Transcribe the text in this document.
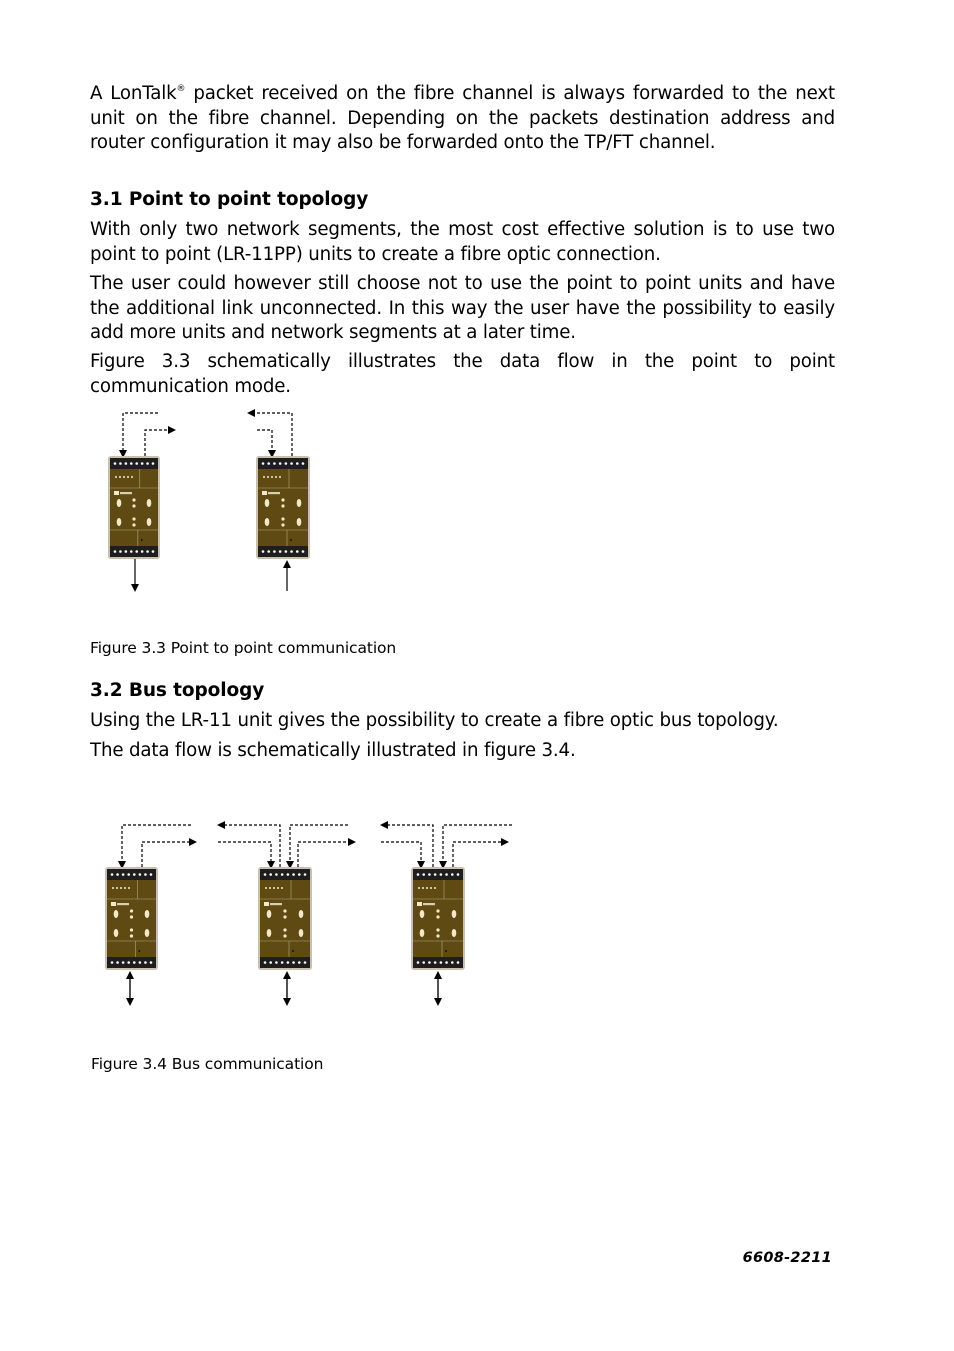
A LonTalk® packet received on the fibre channel is always forwarded to the next unit on the fibre channel. Depending on the packets destination address and router configuration it may also be forwarded onto the TP/FT channel.

3.1 Point to point topology

With only two network segments, the most cost effective solution is to use two point to point (LR-11PP) units to create a fibre optic connection.

The user could however still choose not to use the point to point units and have the additional link unconnected. In this way the user have the possibility to easily add more units and network segments at a later time.

Figure 3.3 schematically illustrates the data flow in the point to point communication mode.

Figure 3.3 Point to point communication

3.2 Bus topology

Using the LR-11 unit gives the possibility to create a fibre optic bus topology.

The data flow is schematically illustrated in figure 3.4.

Figure 3.4 Bus communication

6608-2211
